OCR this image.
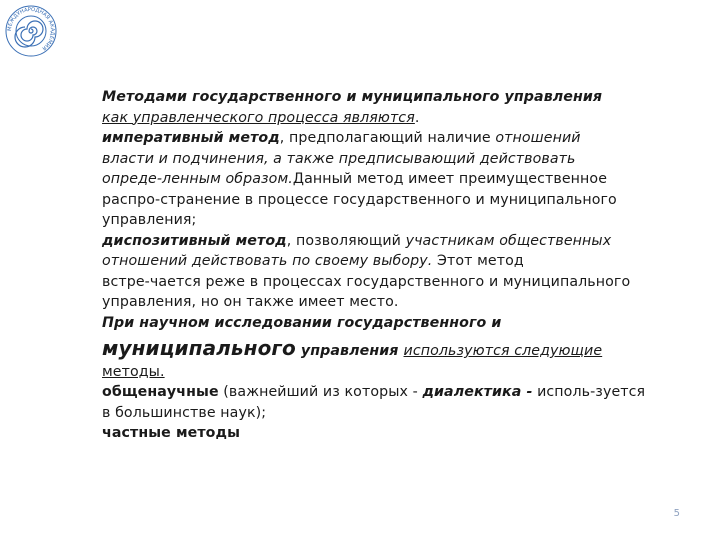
МЕЖДУНАРОДНАЯ АКАДЕМИЯ
Методами государственного и муниципального управления
как управленческого процесса являются.
императивный метод, предполагающий наличие отношений
власти и подчинения, а также предписывающий действовать
опреде-ленным образом.Данный метод имеет преимущественное
распро-странение в процессе государственного и муниципального
управления;
диспозитивный метод, позволяющий участникам общественных
отношений действовать по своему выбору. Этот метод
встре-чается реже в процессах государственного и муниципального
управления, но он также имеет место.
При научном исследовании государственного и
муниципального управления используются следующие
методы.
общенаучные (важнейший из которых - диалектика - исполь-зуется
в большинстве наук);
частные методы
5
